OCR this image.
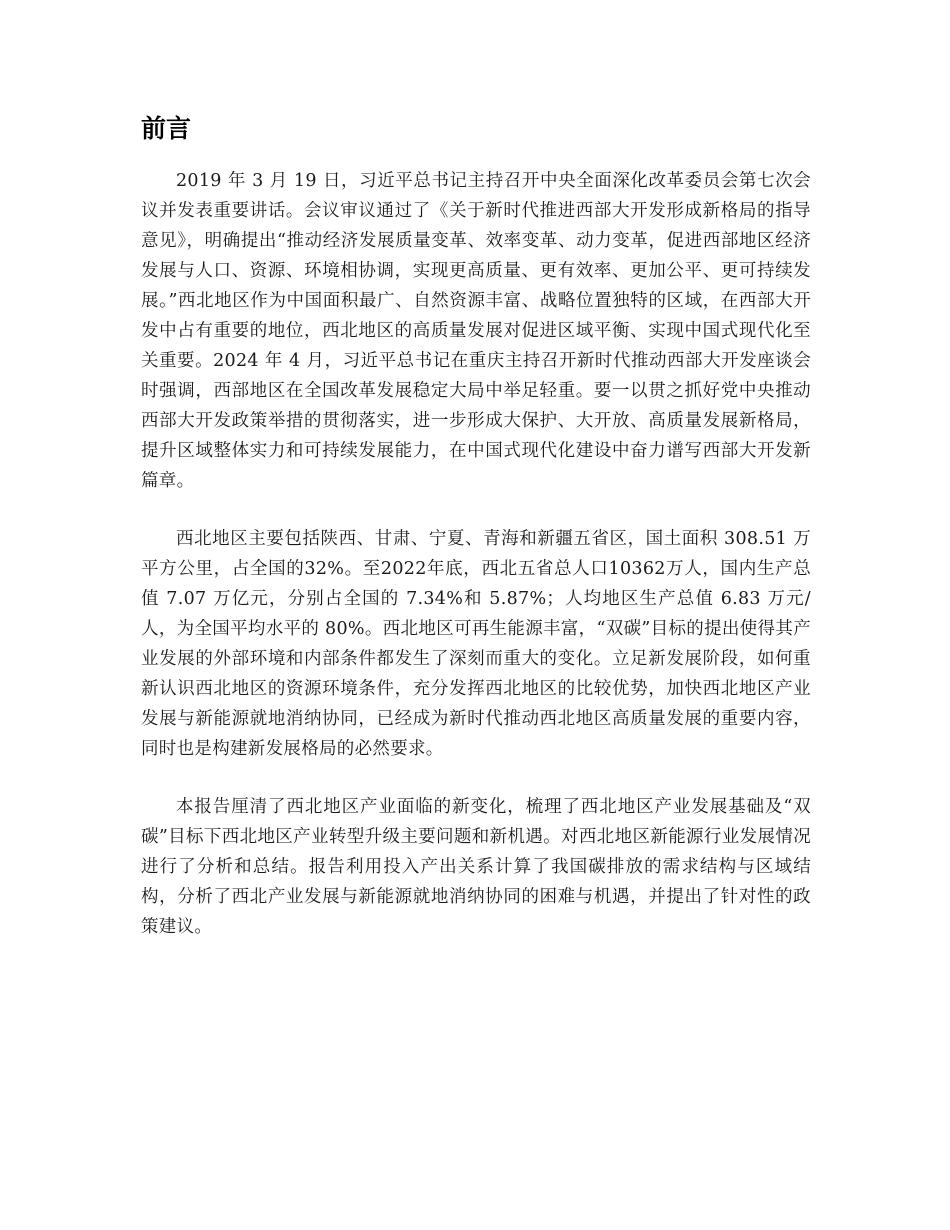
前言

2019 年 3 月 19 日，习近平总书记主持召开中央全面深化改革委员会第七次会议并发表重要讲话。会议审议通过了《关于新时代推进西部大开发形成新格局的指导意见》，明确提出“推动经济发展质量变革、效率变革、动力变革，促进西部地区经济发展与人口、资源、环境相协调，实现更高质量、更有效率、更加公平、更可持续发展。”西北地区作为中国面积最广、自然资源丰富、战略位置独特的区域，在西部大开发中占有重要的地位，西北地区的高质量发展对促进区域平衡、实现中国式现代化至关重要。2024 年 4 月，习近平总书记在重庆主持召开新时代推动西部大开发座谈会时强调，西部地区在全国改革发展稳定大局中举足轻重。要一以贯之抓好党中央推动西部大开发政策举措的贯彻落实，进一步形成大保护、大开放、高质量发展新格局，提升区域整体实力和可持续发展能力，在中国式现代化建设中奋力谱写西部大开发新篇章。

西北地区主要包括陕西、甘肃、宁夏、青海和新疆五省区，国土面积 308.51 万平方公里，占全国的32%。至2022年底，西北五省总人口10362万人，国内生产总值 7.07 万亿元，分别占全国的 7.34%和 5.87%；人均地区生产总值 6.83 万元/人，为全国平均水平的 80%。西北地区可再生能源丰富，“双碳”目标的提出使得其产业发展的外部环境和内部条件都发生了深刻而重大的变化。立足新发展阶段，如何重新认识西北地区的资源环境条件，充分发挥西北地区的比较优势，加快西北地区产业发展与新能源就地消纳协同，已经成为新时代推动西北地区高质量发展的重要内容，同时也是构建新发展格局的必然要求。

本报告厘清了西北地区产业面临的新变化，梳理了西北地区产业发展基础及“双碳”目标下西北地区产业转型升级主要问题和新机遇。对西北地区新能源行业发展情况进行了分析和总结。报告利用投入产出关系计算了我国碳排放的需求结构与区域结构，分析了西北产业发展与新能源就地消纳协同的困难与机遇，并提出了针对性的政策建议。
